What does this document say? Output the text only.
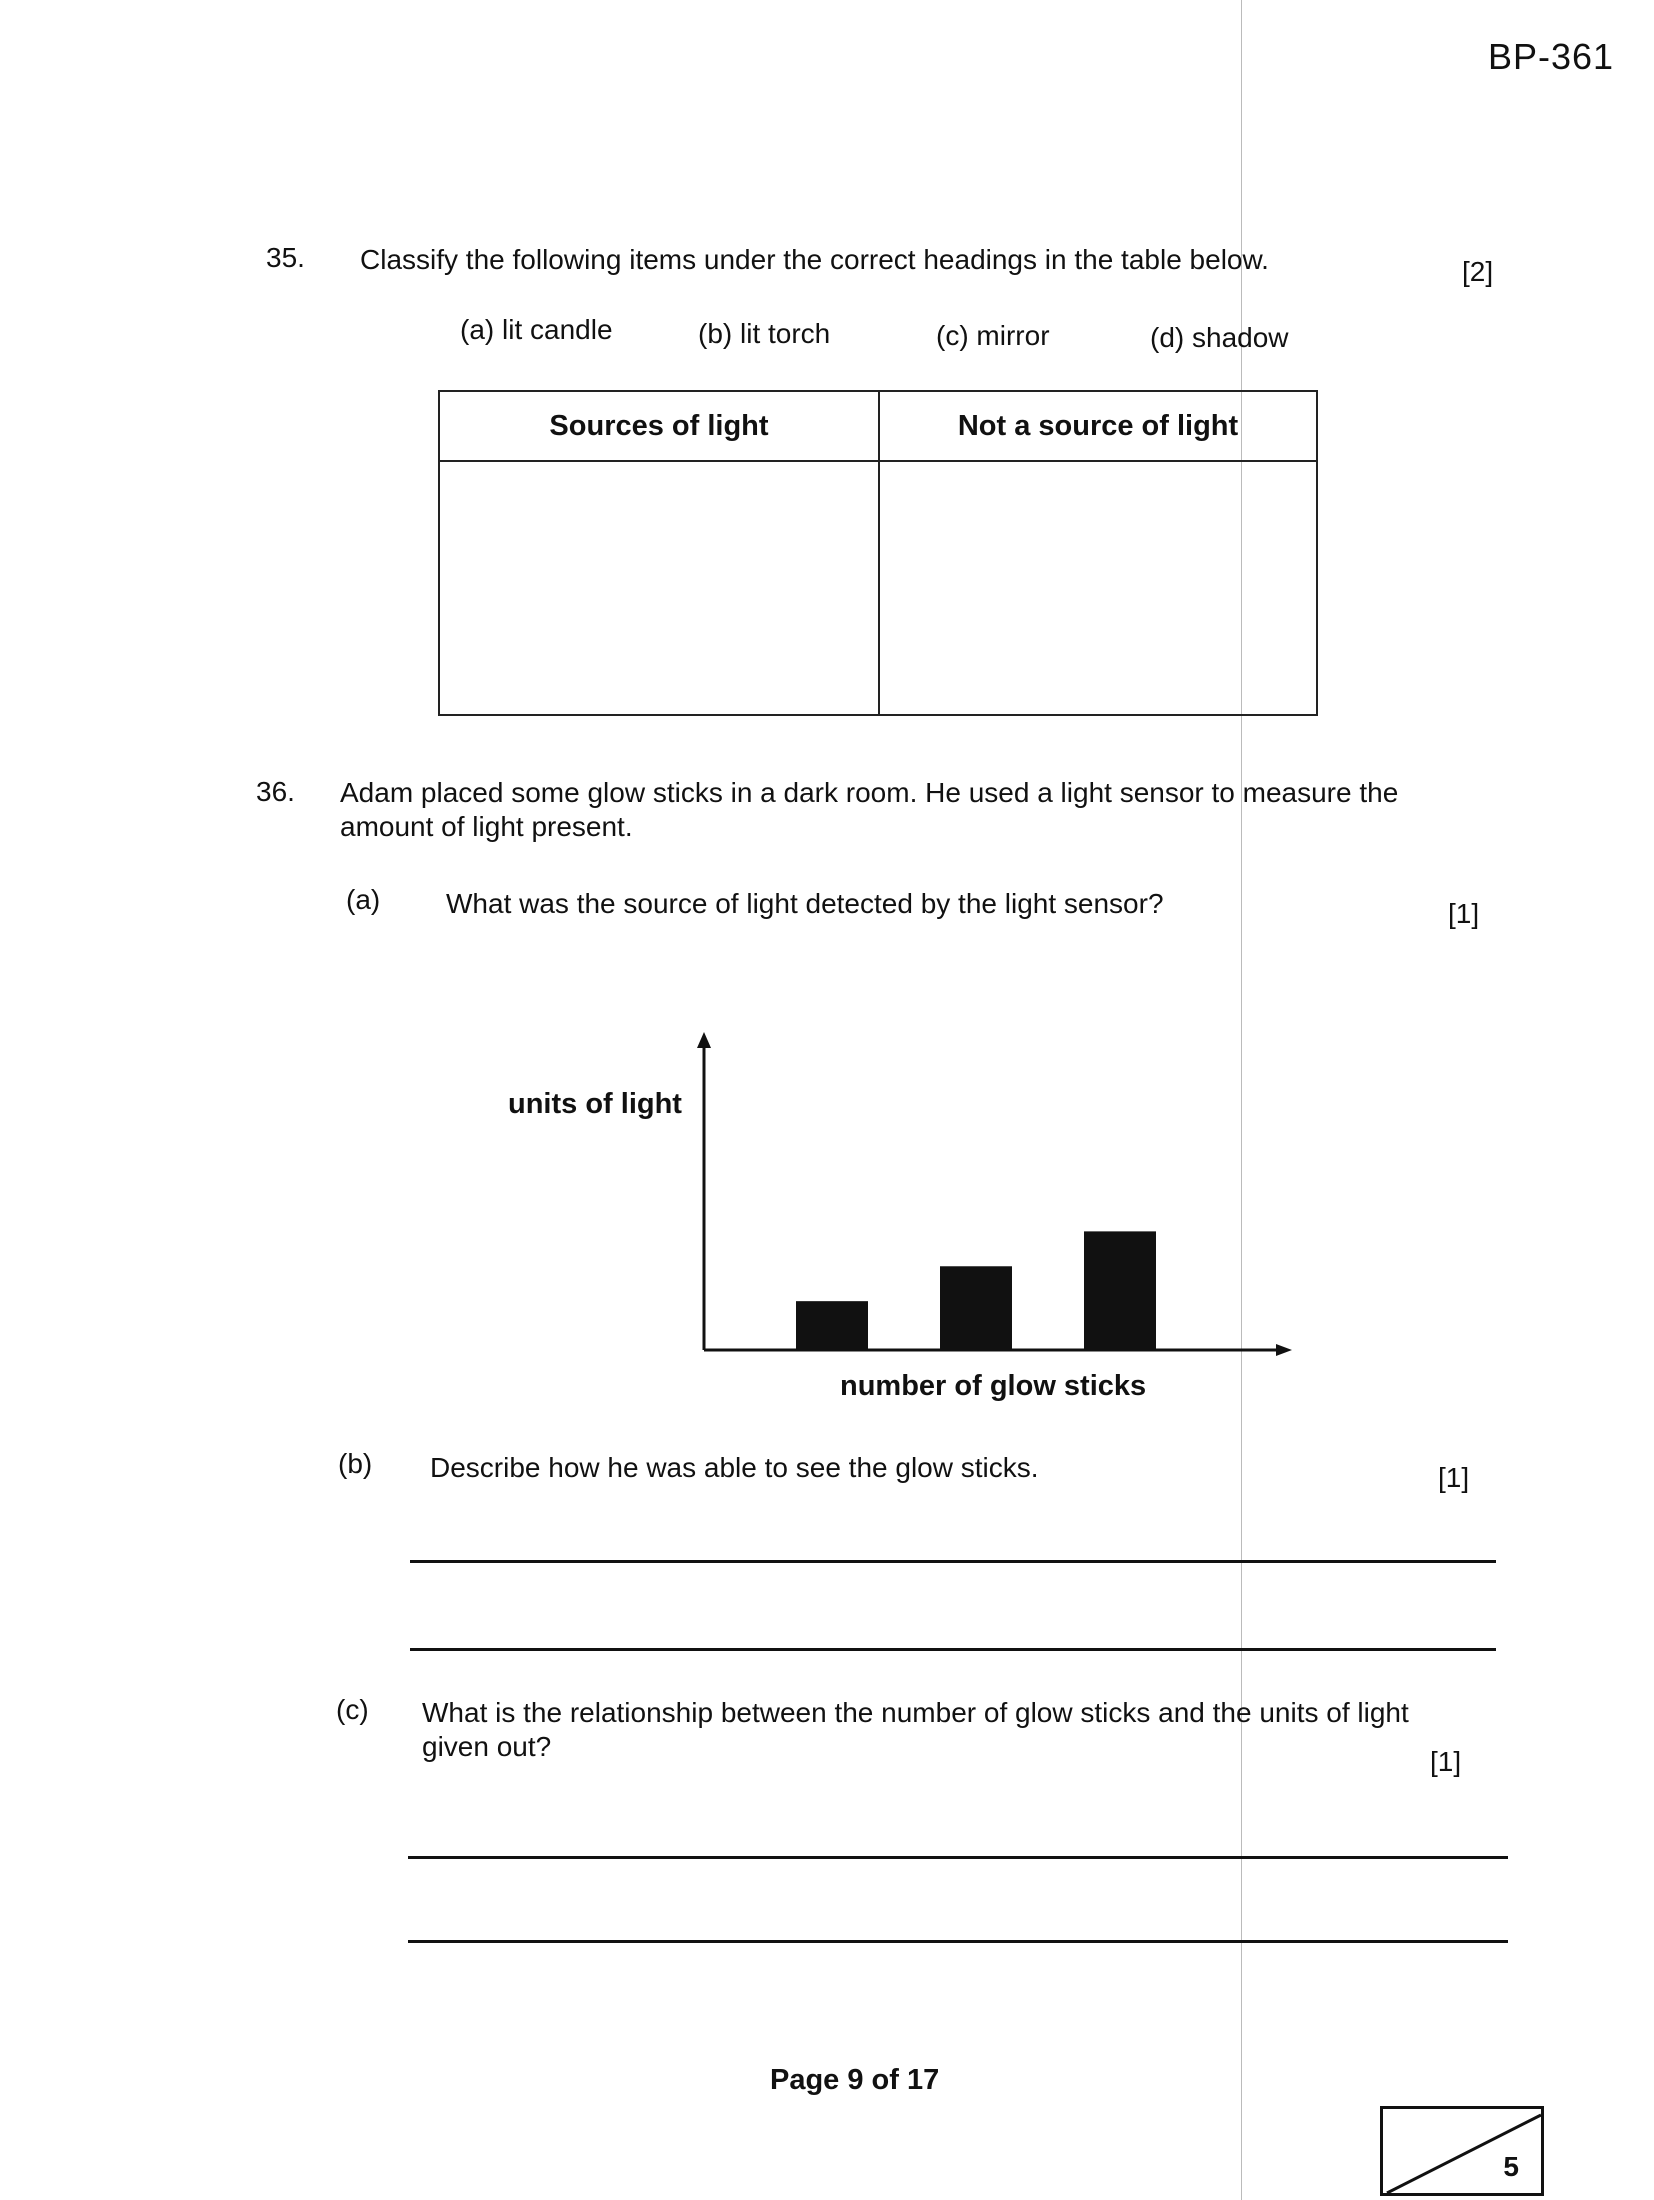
BP-361
35. Classify the following items under the correct headings in the table below.	[2]
(a) lit candle	(b) lit torch	(c) mirror	(d) shadow
Sources of light	Not a source of light
36. Adam placed some glow sticks in a dark room. He used a light sensor to measure the amount of light present.
(a) What was the source of light detected by the light sensor?	[1]
units of light
number of glow sticks
(b) Describe how he was able to see the glow sticks.	[1]
(c) What is the relationship between the number of glow sticks and the units of light given out?	[1]
Page 9 of 17
5
